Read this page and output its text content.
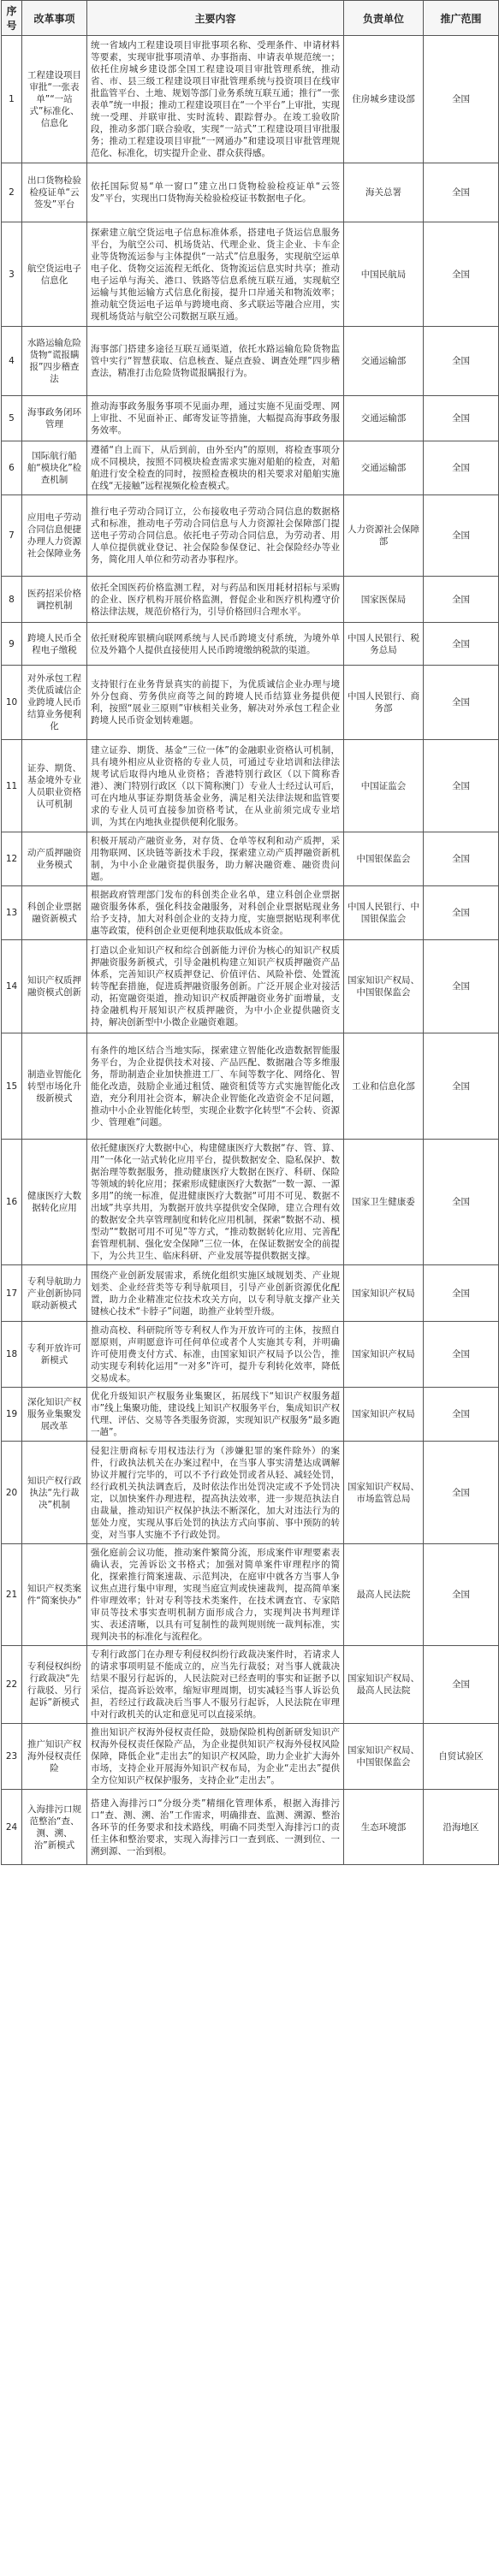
序号	改革事项	主要内容	负责单位	推广范围
1	工程建设项目审批“一张表单”“一站式”标准化、信息化	统一省域内工程建设项目审批事项名称、受理条件、申请材料等要素，实现审批事项清单、办事指南、申请表单规范统一；依托住房城乡建设部全国工程建设项目审批管理系统，推动省、市、县三级工程建设项目审批管理系统与投资项目在线审批监管平台、土地、规划等部门业务系统互联互通；推行“一张表单”统一申报；推动工程建设项目在“一个平台”上审批，实现统一受理、并联审批、实时流转、跟踪督办。在竣工验收阶段，推动多部门联合验收，实现“一站式”工程建设项目审批服务；推动工程建设项目审批“一网通办”和建设项目审批管理规范化、标准化，切实提升企业、群众获得感。	住房城乡建设部	全国
2	出口货物检验检疫证单“云签发”平台	依托国际贸易“单一窗口”建立出口货物检验检疫证单“云签发”平台，实现出口货物海关检验检疫证书数据电子化。	海关总署	全国
3	航空货运电子信息化	探索建立航空货运电子信息标准体系，搭建电子货运信息服务平台，为航空公司、机场货站、代理企业、货主企业、卡车企业等货物流运参与主体提供“一站式”信息服务，实现航空运单电子化、货物交运流程无纸化、货物流运信息实时共享；推动电子运单与海关、港口、铁路等信息系统互联互通，实现航空运输与其他运输方式信息化衔接，提升口岸通关和物流效率；推动航空货运电子运单与跨境电商、多式联运等融合应用，实现机场货站与航空公司数据互联互通。	中国民航局	全国
4	水路运输危险货物“谎报瞒报”四步稽查法	海事部门搭建多途径互联互通渠道，依托水路运输危险货物监管中实行“智慧获取、信息核查、疑点查验、调查处理”四步稽查法，精准打击危险货物谎报瞒报行为。	交通运输部	全国
5	海事政务闭环管理	推动海事政务服务事项不见面办理，通过实施不见面受理、网上审批、不见面补正、邮寄发证等措施，大幅提高海事政务服务效率。	交通运输部	全国
6	国际航行船舶“模块化”检查机制	遵循“自上而下，从后到前，由外至内”的原则，将检查事项分成不同模块，按照不同模块检查需求实施对船舶的检查，对船舶进行安全检查的同时，按照检查模块的相关要求对船舶实施在线“无接触”远程视频化检查模式。	交通运输部	全国
7	应用电子劳动合同信息便捷办理人力资源社会保障业务	推行电子劳动合同订立，公布接收电子劳动合同信息的数据格式和标准，推动电子劳动合同信息与人力资源社会保障部门提送电子劳动合同信息。依托电子劳动合同信息，为劳动者、用人单位提供就业登记、社会保险参保登记、社会保险经办等业务，简化用人单位和劳动者办事程序。	人力资源社会保障部	全国
8	医药招采价格调控机制	依托全国医药价格监测工程，对与药品和医用耗材招标与采购的企业、医疗机构开展价格监测，督促企业和医疗机构遵守价格法律法规，规范价格行为，引导价格回归合理水平。	国家医保局	全国
9	跨境人民币全程电子缴税	依托财税库银横向联网系统与人民币跨境支付系统，为境外单位及外籍个人提供直接使用人民币跨境缴纳税款的渠道。	中国人民银行、税务总局	全国
10	对外承包工程类优质诚信企业跨境人民币结算业务便利化	支持银行在业务背景真实的前提下，为优质诚信企业办理与境外分包商、劳务供应商等之间的跨境人民币结算业务提供便利，按照“展业三原则”审核相关业务，解决对外承包工程企业跨境人民币资金划转难题。	中国人民银行、商务部	全国
11	证券、期货、基金境外专业人员职业资格认可机制	建立证券、期货、基金“三位一体”的金融职业资格认可机制，具有境外相应从业资格的专业人员，可通过专业培训和法律法规考试后取得内地从业资格；香港特别行政区（以下简称香港）、澳门特别行政区（以下简称澳门）专业人士经过认可后，可在内地从事证券期货基金业务，满足相关法律法规和监管要求的专业人员可直接参加资格考试，在从业前须完成专业培训，为其在内地执业提供便利化服务。	中国证监会	全国
12	动产质押融资业务模式	积极开展动产融资业务，对存货、仓单等权利和动产质押，采用物联网、区块链等新技术手段，探索建立动产质押融资新机制，为中小企业融资提供服务，助力解决融资难、融资贵问题。	中国银保监会	全国
13	科创企业票据融资新模式	根据政府管理部门发布的科创类企业名单，建立科创企业票据融资服务体系，强化科技金融服务，对科创企业票据贴现业务给予支持，加大对科创企业的支持力度，实施票据贴现利率优惠等政策，使科创企业更便利地获取低成本资金。	中国人民银行、中国银保监会	全国
14	知识产权质押融资模式创新	打造以企业知识产权和综合创新能力评价为核心的知识产权质押融资服务新模式，引导金融机构建立知识产权质押融资产品体系，完善知识产权质押登记、价值评估、风险补偿、处置流转等配套措施，促进质押融资服务创新。广泛开展企业对接活动，拓宽融资渠道，推动知识产权质押融资业务扩面增量，支持金融机构开展知识产权质押融资，为中小企业提供融资支持，解决创新型中小微企业融资难题。	国家知识产权局、中国银保监会	全国
15	制造业智能化转型市场化升级新模式	有条件的地区结合当地实际，探索建立智能化改造数据智能服务平台，为企业提供技术对接、产品匹配、数据融合等多维服务，帮助制造企业加快推进工厂、车间等数字化、网络化、智能化改造，鼓励企业通过租赁、融资租赁等方式实施智能化改造，充分利用社会资本，解决企业智能化改造资金不足问题，推动中小企业智能化转型，实现企业数字化转型“不会转、资源少、管理难”问题。	工业和信息化部	全国
16	健康医疗大数据转化应用	依托健康医疗大数据中心，构建健康医疗大数据“存、管、算、用”一体化一站式转化应用平台，提供数据安全、隐私保护、数据治理等数据服务，推动健康医疗大数据在医疗、科研、保险等领域的转化应用；探索形成健康医疗大数据“一数一源、一源多用”的统一标准，促进健康医疗大数据“可用不可见、数据不出域”共享共用，为数据开放共享提供安全保障，建立合理有效的数据安全共享管理制度和转化应用机制，探索“数据不动、模型动”“数据可用不可见”等方式，“推动数据转化应用、完善配套管理机制、强化安全保障”三位一体，在保证数据安全的前提下，为公共卫生、临床科研、产业发展等提供数据支撑。	国家卫生健康委	全国
17	专利导航助力产业创新协同联动新模式	围绕产业创新发展需求，系统化组织实施区域规划类、产业规划类、企业经营类等专利导航项目，引导产业创新资源优化配置，助力企业精准定位技术攻关方向，以专利导航支撑产业关键核心技术“卡脖子”问题，助推产业转型升级。	国家知识产权局	全国
18	专利开放许可新模式	推动高校、科研院所等专利权人作为开放许可的主体，按照自愿原则，声明愿意许可任何单位或者个人实施其专利，并明确许可使用费支付方式、标准，由国家知识产权局予以公告，推动实现专利转化运用“一对多”许可，提升专利转化效率，降低交易成本。	国家知识产权局	全国
19	深化知识产权服务业集聚发展改革	优化升级知识产权服务业集聚区，拓展线下“知识产权服务超市”线上集聚功能，建设线上知识产权服务平台，集成知识产权代理、评估、交易等各类服务资源，实现知识产权服务“最多跑一趟”。	国家知识产权局	全国
20	知识产权行政执法“先行裁决”机制	侵犯注册商标专用权违法行为（涉嫌犯罪的案件除外）的案件，行政执法机关在办案过程中，在当事人事实清楚达成调解协议并履行完毕的，可以不予行政处罚或者从轻、减轻处罚，经行政机关执法调查后，及时依法作出处罚决定或不予处罚决定，以加快案件办理进程，提高执法效率，进一步规范执法自由裁量，推动知识产权保护执法不断深化，加大对违法行为的惩处力度，实现从事后处罚的执法方式向事前、事中预防的转变，对当事人实施不予行政处罚。	国家知识产权局、市场监管总局	全国
21	知识产权类案件“简案快办”	强化庭前会议功能，推动案件繁简分流，形成案件审理要素表确认表，完善诉讼文书格式；加强对简单案件审理程序的简化，探索推行简案速裁、示范判决，在庭审中就各方当事人争议焦点进行集中审理，实现当庭宣判或快速裁判，提高简单案件审理效率；针对专利等技术类案件，在技术调查官、专家陪审员等技术事实查明机制方面形成合力，实现判决书判理详实、表述清晰，以具有可复制性的裁判规则统一裁判标准，实现判决书的标准化与流程化。	最高人民法院	全国
22	专利侵权纠纷行政裁决“先行裁驳、另行起诉”新模式	专利行政部门在办理专利侵权纠纷行政裁决案件时，若请求人的请求事项明显不能成立的，应当先行裁驳；对当事人就裁决结果不服另行起诉的，人民法院对已经查明的事实和证据予以采信，提高诉讼效率，缩短审理周期，切实减轻当事人诉讼负担，若经过行政裁决后当事人不服另行起诉，人民法院在审理中对行政机关的认定和意见可以直接采纳。	国家知识产权局、最高人民法院	全国
23	推广知识产权海外侵权责任险	推出知识产权海外侵权责任险，鼓励保险机构创新研发知识产权海外侵权责任保险产品，为企业提供知识产权海外侵权风险保障，降低企业“走出去”的知识产权风险，助力企业扩大海外市场，支持企业开展海外知识产权布局，为企业“走出去”提供全方位知识产权保护服务，支持企业“走出去”。	国家知识产权局、中国银保监会	自贸试验区
24	入海排污口规范整治“查、测、溯、治”新模式	搭建入海排污口“分级分类”精细化管理体系，根据入海排污口“查、测、溯、治”工作需求，明确排查、监测、溯源、整治各环节的任务要求和技术路线，明确不同类型入海排污口的责任主体和整治要求，实现入海排污口一查到底、一测到位、一溯到源、一治到根。	生态环境部	沿海地区
